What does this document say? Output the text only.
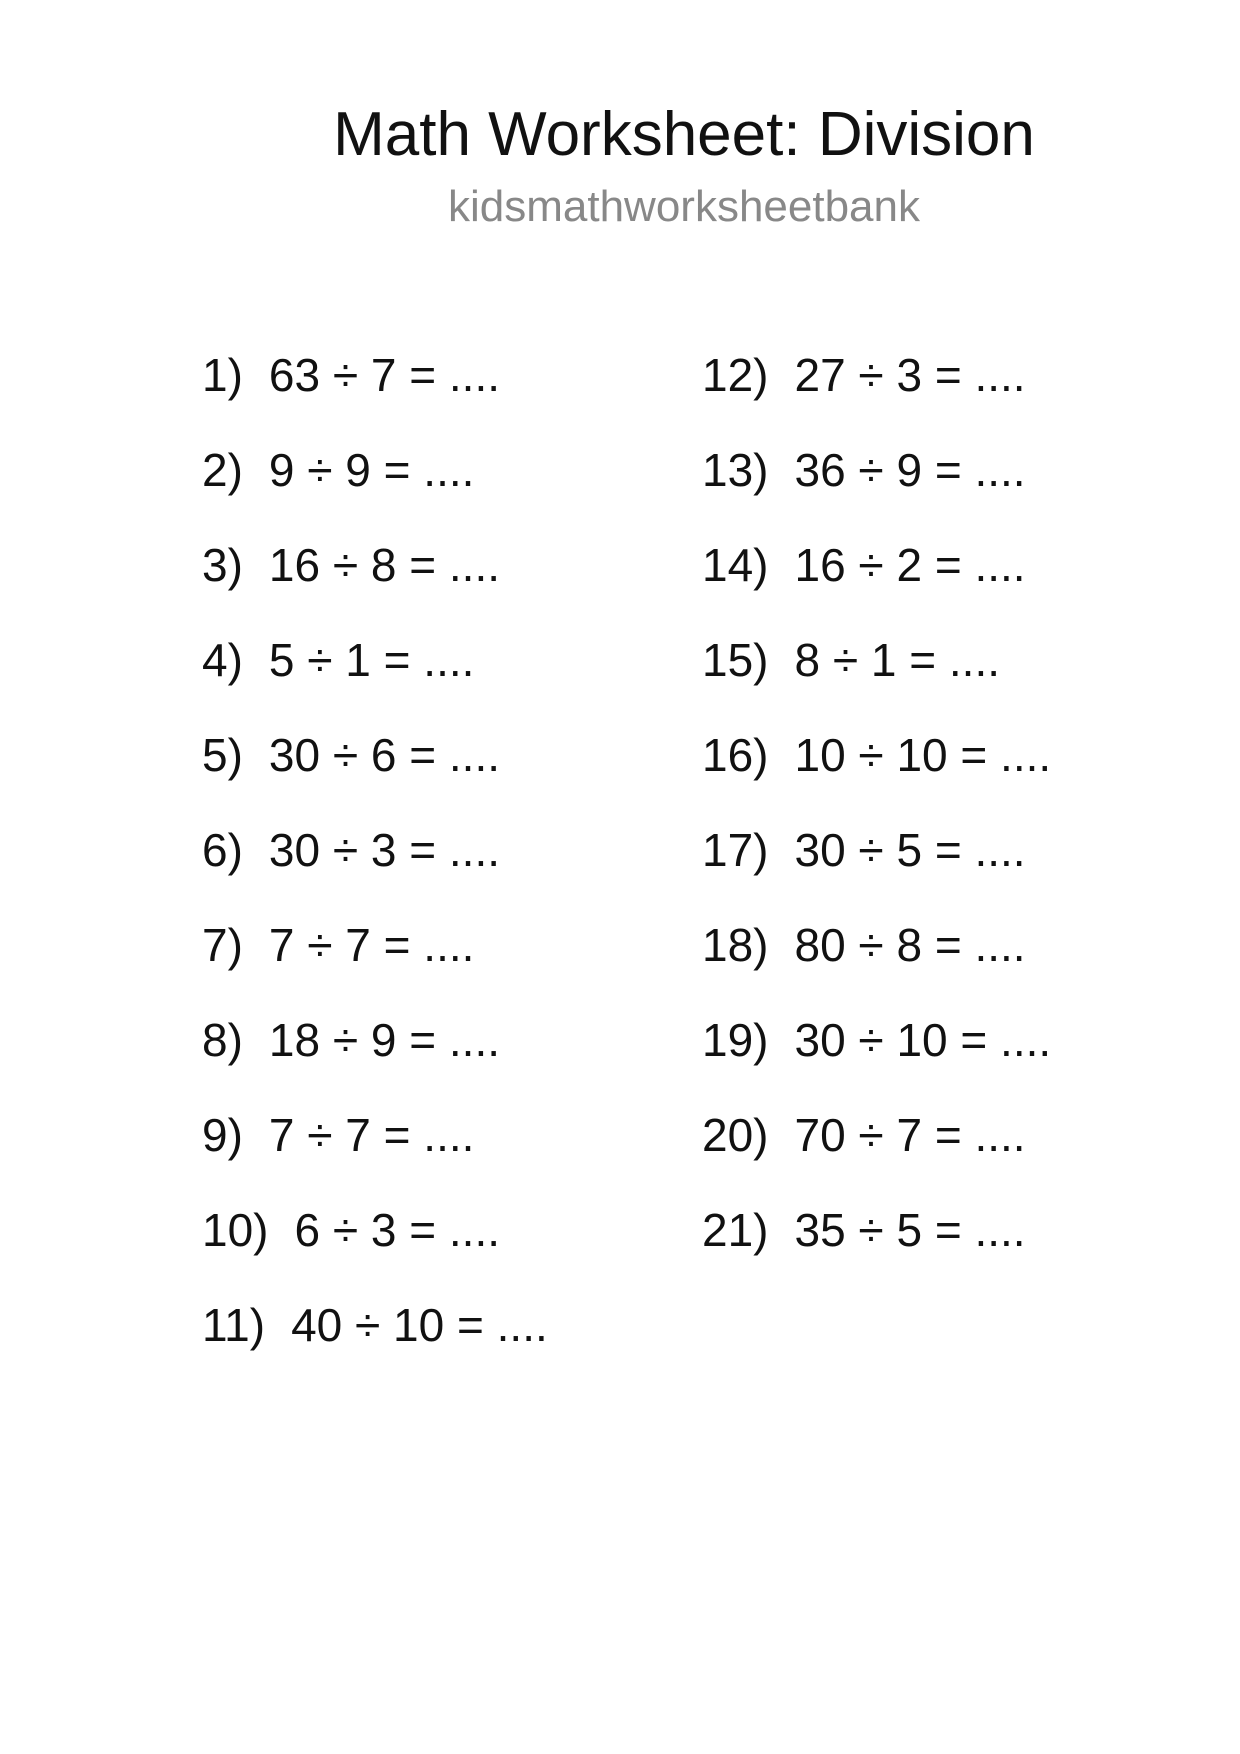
Math Worksheet: Division
kidsmathworksheetbank
1) 63 ÷ 7 = ....
2) 9 ÷ 9 = ....
3) 16 ÷ 8 = ....
4) 5 ÷ 1 = ....
5) 30 ÷ 6 = ....
6) 30 ÷ 3 = ....
7) 7 ÷ 7 = ....
8) 18 ÷ 9 = ....
9) 7 ÷ 7 = ....
10) 6 ÷ 3 = ....
11) 40 ÷ 10 = ....
12) 27 ÷ 3 = ....
13) 36 ÷ 9 = ....
14) 16 ÷ 2 = ....
15) 8 ÷ 1 = ....
16) 10 ÷ 10 = ....
17) 30 ÷ 5 = ....
18) 80 ÷ 8 = ....
19) 30 ÷ 10 = ....
20) 70 ÷ 7 = ....
21) 35 ÷ 5 = ....
